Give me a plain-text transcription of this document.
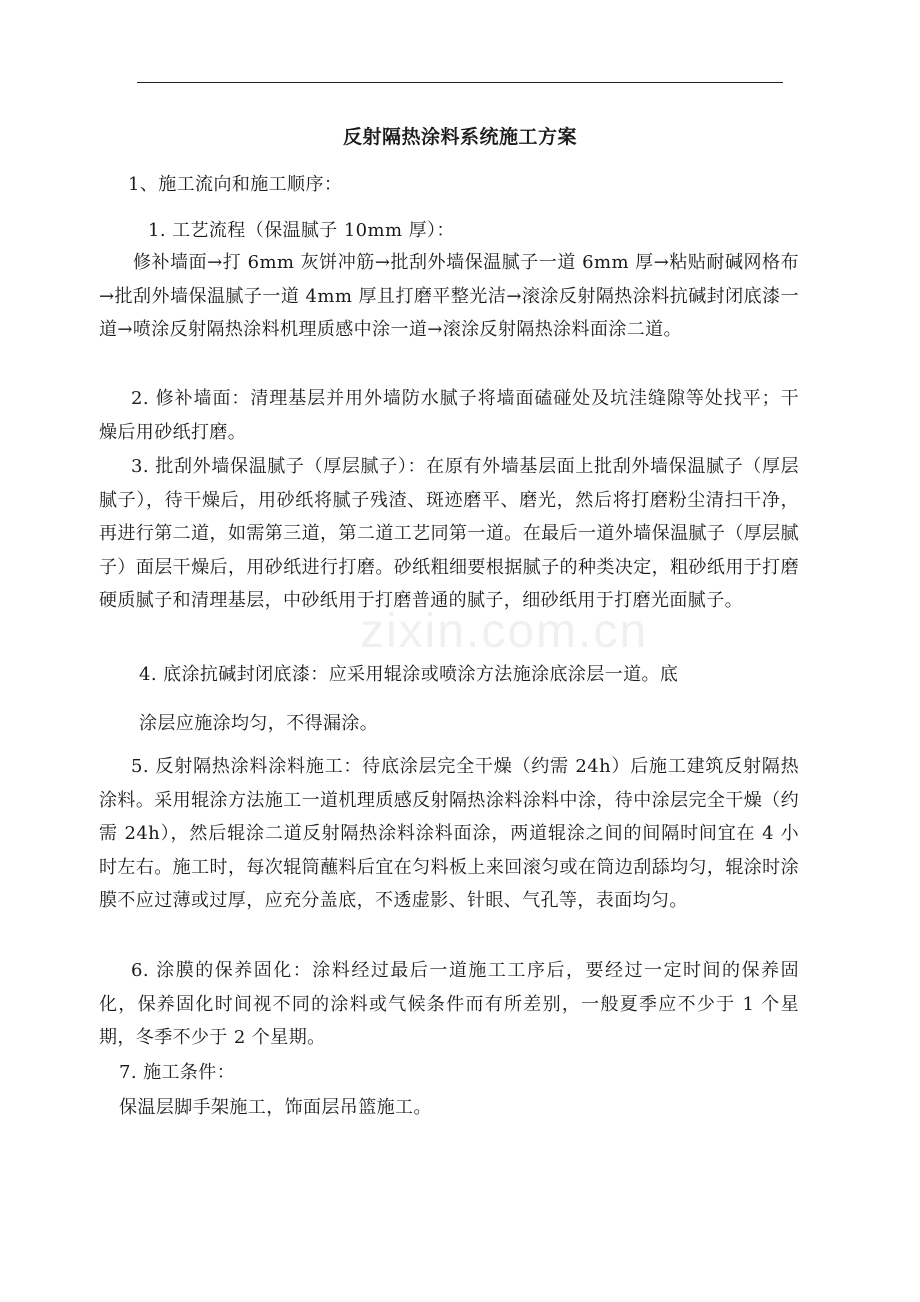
反射隔热涂料系统施工方案
1、施工流向和施工顺序：
1. 工艺流程（保温腻子 10mm 厚）：
修补墙面→打 6mm 灰饼冲筋→批刮外墙保温腻子一道 6mm 厚→粘贴耐碱网格布→批刮外墙保温腻子一道 4mm 厚且打磨平整光洁→滚涂反射隔热涂料抗碱封闭底漆一道→喷涂反射隔热涂料机理质感中涂一道→滚涂反射隔热涂料面涂二道。
2. 修补墙面：清理基层并用外墙防水腻子将墙面磕碰处及坑洼缝隙等处找平；干燥后用砂纸打磨。
3. 批刮外墙保温腻子（厚层腻子）：在原有外墙基层面上批刮外墙保温腻子（厚层腻子），待干燥后，用砂纸将腻子残渣、斑迹磨平、磨光，然后将打磨粉尘清扫干净，再进行第二道，如需第三道，第二道工艺同第一道。在最后一道外墙保温腻子（厚层腻子）面层干燥后，用砂纸进行打磨。砂纸粗细要根据腻子的种类决定，粗砂纸用于打磨硬质腻子和清理基层，中砂纸用于打磨普通的腻子，细砂纸用于打磨光面腻子。
4. 底涂抗碱封闭底漆：应采用辊涂或喷涂方法施涂底涂层一道。底
涂层应施涂均匀，不得漏涂。
5. 反射隔热涂料涂料施工：待底涂层完全干燥（约需 24h）后施工建筑反射隔热涂料。采用辊涂方法施工一道机理质感反射隔热涂料涂料中涂，待中涂层完全干燥（约需 24h），然后辊涂二道反射隔热涂料涂料面涂，两道辊涂之间的间隔时间宜在 4 小时左右。施工时，每次辊筒蘸料后宜在匀料板上来回滚匀或在筒边刮舔均匀，辊涂时涂膜不应过薄或过厚，应充分盖底，不透虚影、针眼、气孔等，表面均匀。
6. 涂膜的保养固化：涂料经过最后一道施工工序后，要经过一定时间的保养固化，保养固化时间视不同的涂料或气候条件而有所差别，一般夏季应不少于 1 个星期，冬季不少于 2 个星期。
7. 施工条件：
保温层脚手架施工，饰面层吊篮施工。
zixin.com.cn
